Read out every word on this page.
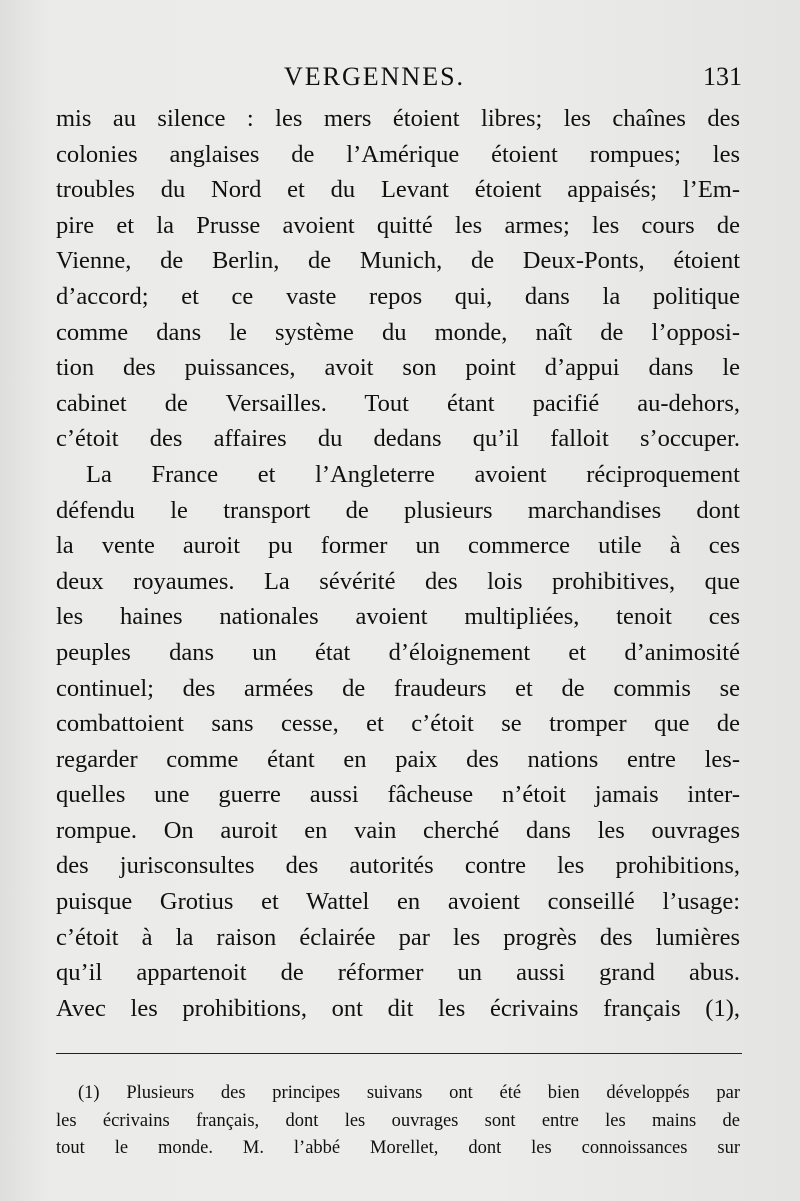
VERGENNES.	131
mis au silence : les mers étoient libres; les chaînes des
colonies anglaises de l’Amérique étoient rompues; les
troubles du Nord et du Levant étoient appaisés; l’Em-
pire et la Prusse avoient quitté les armes; les cours de
Vienne, de Berlin, de Munich, de Deux-Ponts, étoient
d’accord; et ce vaste repos qui, dans la politique
comme dans le système du monde, naît de l’opposi-
tion des puissances, avoit son point d’appui dans le
cabinet de Versailles. Tout étant pacifié au-dehors,
c’étoit des affaires du dedans qu’il falloit s’occuper.
La France et l’Angleterre avoient réciproquement
défendu le transport de plusieurs marchandises dont
la vente auroit pu former un commerce utile à ces
deux royaumes. La sévérité des lois prohibitives, que
les haines nationales avoient multipliées, tenoit ces
peuples dans un état d’éloignement et d’animosité
continuel; des armées de fraudeurs et de commis se
combattoient sans cesse, et c’étoit se tromper que de
regarder comme étant en paix des nations entre les-
quelles une guerre aussi fâcheuse n’étoit jamais inter-
rompue. On auroit en vain cherché dans les ouvrages
des jurisconsultes des autorités contre les prohibitions,
puisque Grotius et Wattel en avoient conseillé l’usage:
c’étoit à la raison éclairée par les progrès des lumières
qu’il appartenoit de réformer un aussi grand abus.
Avec les prohibitions, ont dit les écrivains français (1),
(1) Plusieurs des principes suivans ont été bien développés par
les écrivains français, dont les ouvrages sont entre les mains de
tout le monde. M. l’abbé Morellet, dont les connoissances sur
